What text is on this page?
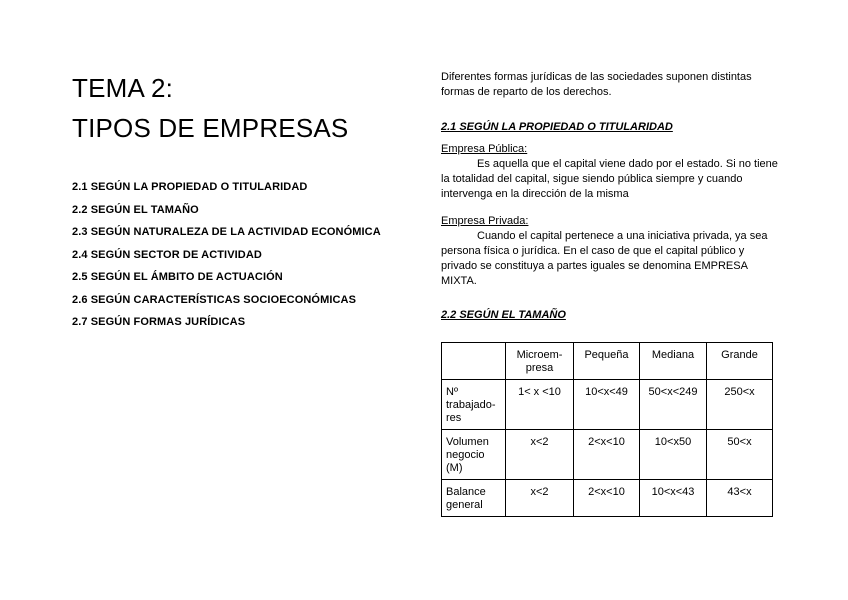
TEMA 2:
TIPOS DE EMPRESAS
2.1 SEGÚN LA PROPIEDAD O TITULARIDAD
2.2 SEGÚN EL TAMAÑO
2.3 SEGÚN NATURALEZA DE LA ACTIVIDAD ECONÓMICA
2.4 SEGÚN SECTOR DE ACTIVIDAD
2.5 SEGÚN EL ÁMBITO DE ACTUACIÓN
2.6 SEGÚN CARACTERÍSTICAS SOCIOECONÓMICAS
2.7 SEGÚN FORMAS JURÍDICAS

Diferentes formas jurídicas de las sociedades suponen distintas formas de reparto de los derechos.

2.1 SEGÚN LA PROPIEDAD O TITULARIDAD

Empresa Pública:

Es aquella que el capital viene dado por el estado. Si no tiene la totalidad del capital, sigue siendo pública siempre y cuando intervenga en la dirección de la misma

Empresa Privada:

Cuando el capital pertenece a una iniciativa privada, ya sea persona física o jurídica. En el caso de que el capital público y privado se constituya a partes iguales se denomina EMPRESA MIXTA.

2.2 SEGÚN EL TAMAÑO

	Microem-presa	Pequeña	Mediana	Grande
Nº trabajado-res	1< x <10	10<x<49	50<x<249	250<x
Volumen negocio (M)	x<2	2<x<10	10<x50	50<x
Balance general	x<2	2<x<10	10<x<43	43<x
